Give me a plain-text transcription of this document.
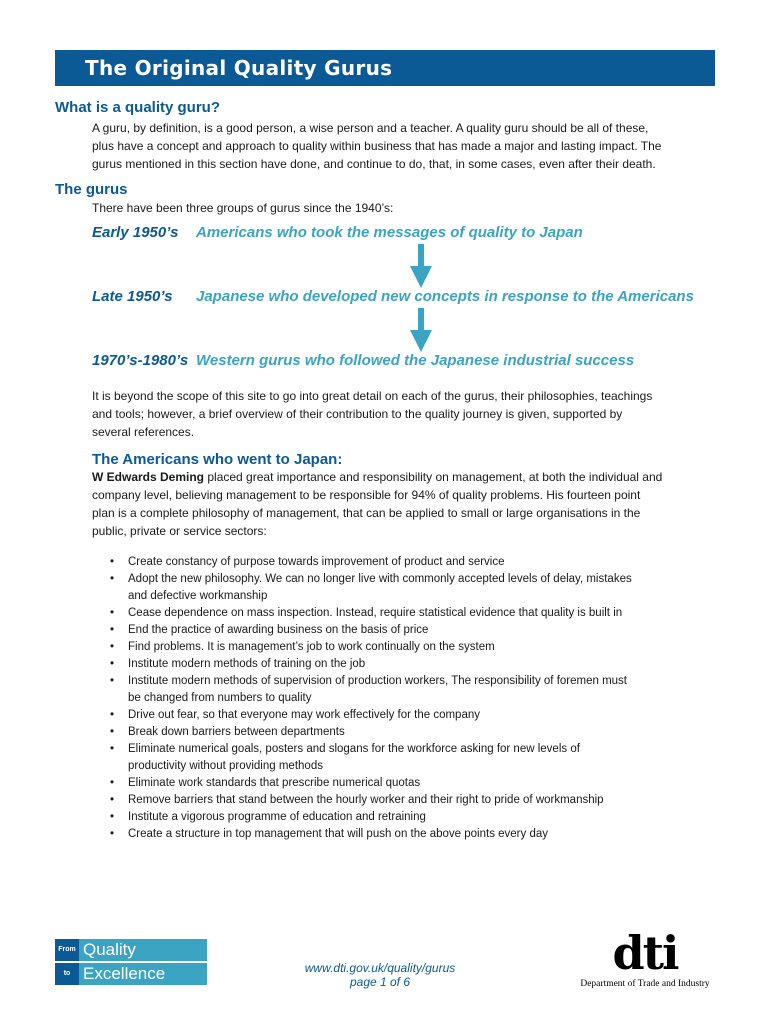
The Original Quality Gurus
What is a quality guru?
A guru, by definition, is a good person, a wise person and a teacher. A quality guru should be all of these,
plus have a concept and approach to quality within business that has made a major and lasting impact. The
gurus mentioned in this section have done, and continue to do, that, in some cases, even after their death.
The gurus
There have been three groups of gurus since the 1940’s:
Early 1950’s Americans who took the messages of quality to Japan
Late 1950’s Japanese who developed new concepts in response to the Americans
1970’s-1980’s Western gurus who followed the Japanese industrial success
It is beyond the scope of this site to go into great detail on each of the gurus, their philosophies, teachings
and tools; however, a brief overview of their contribution to the quality journey is given, supported by
several references.
The Americans who went to Japan:
W Edwards Deming placed great importance and responsibility on management, at both the individual and
company level, believing management to be responsible for 94% of quality problems. His fourteen point
plan is a complete philosophy of management, that can be applied to small or large organisations in the
public, private or service sectors:
• Create constancy of purpose towards improvement of product and service
• Adopt the new philosophy. We can no longer live with commonly accepted levels of delay, mistakes
and defective workmanship
• Cease dependence on mass inspection. Instead, require statistical evidence that quality is built in
• End the practice of awarding business on the basis of price
• Find problems. It is management’s job to work continually on the system
• Institute modern methods of training on the job
• Institute modern methods of supervision of production workers, The responsibility of foremen must
be changed from numbers to quality
• Drive out fear, so that everyone may work effectively for the company
• Break down barriers between departments
• Eliminate numerical goals, posters and slogans for the workforce asking for new levels of
productivity without providing methods
• Eliminate work standards that prescribe numerical quotas
• Remove barriers that stand between the hourly worker and their right to pride of workmanship
• Institute a vigorous programme of education and retraining
• Create a structure in top management that will push on the above points every day
From Quality
to Excellence	www.dti.gov.uk/quality/gurus
page 1 of 6
dti
Department of Trade and Industry
